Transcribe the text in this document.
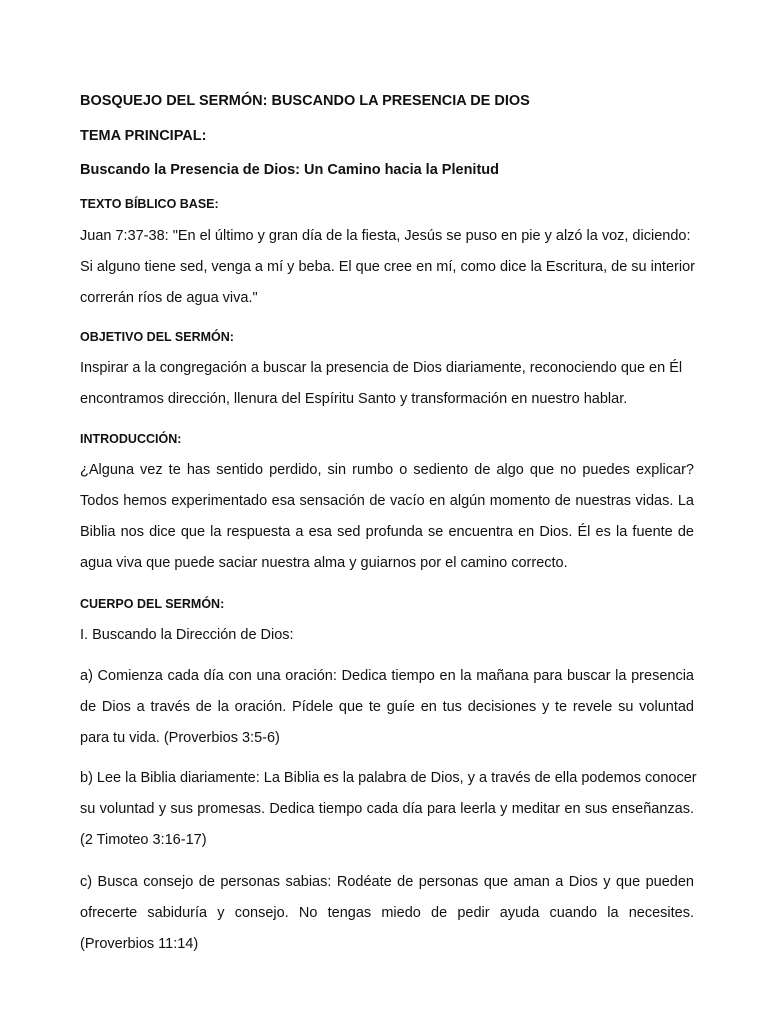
BOSQUEJO DEL SERMÓN: BUSCANDO LA PRESENCIA DE DIOS
TEMA PRINCIPAL:
Buscando la Presencia de Dios: Un Camino hacia la Plenitud
TEXTO BÍBLICO BASE:
Juan 7:37-38: "En el último y gran día de la fiesta, Jesús se puso en pie y alzó la voz, diciendo:
Si alguno tiene sed, venga a mí y beba. El que cree en mí, como dice la Escritura, de su interior
correrán ríos de agua viva."
OBJETIVO DEL SERMÓN:
Inspirar a la congregación a buscar la presencia de Dios diariamente, reconociendo que en Él
encontramos dirección, llenura del Espíritu Santo y transformación en nuestro hablar.
INTRODUCCIÓN:
¿Alguna vez te has sentido perdido, sin rumbo o sediento de algo que no puedes explicar?
Todos hemos experimentado esa sensación de vacío en algún momento de nuestras vidas. La
Biblia nos dice que la respuesta a esa sed profunda se encuentra en Dios. Él es la fuente de
agua viva que puede saciar nuestra alma y guiarnos por el camino correcto.
CUERPO DEL SERMÓN:
I. Buscando la Dirección de Dios:
a) Comienza cada día con una oración: Dedica tiempo en la mañana para buscar la presencia
de Dios a través de la oración. Pídele que te guíe en tus decisiones y te revele su voluntad
para tu vida. (Proverbios 3:5-6)
b) Lee la Biblia diariamente: La Biblia es la palabra de Dios, y a través de ella podemos conocer
su voluntad y sus promesas. Dedica tiempo cada día para leerla y meditar en sus enseñanzas.
(2 Timoteo 3:16-17)
c) Busca consejo de personas sabias: Rodéate de personas que aman a Dios y que pueden
ofrecerte sabiduría y consejo. No tengas miedo de pedir ayuda cuando la necesites.
(Proverbios 11:14)
